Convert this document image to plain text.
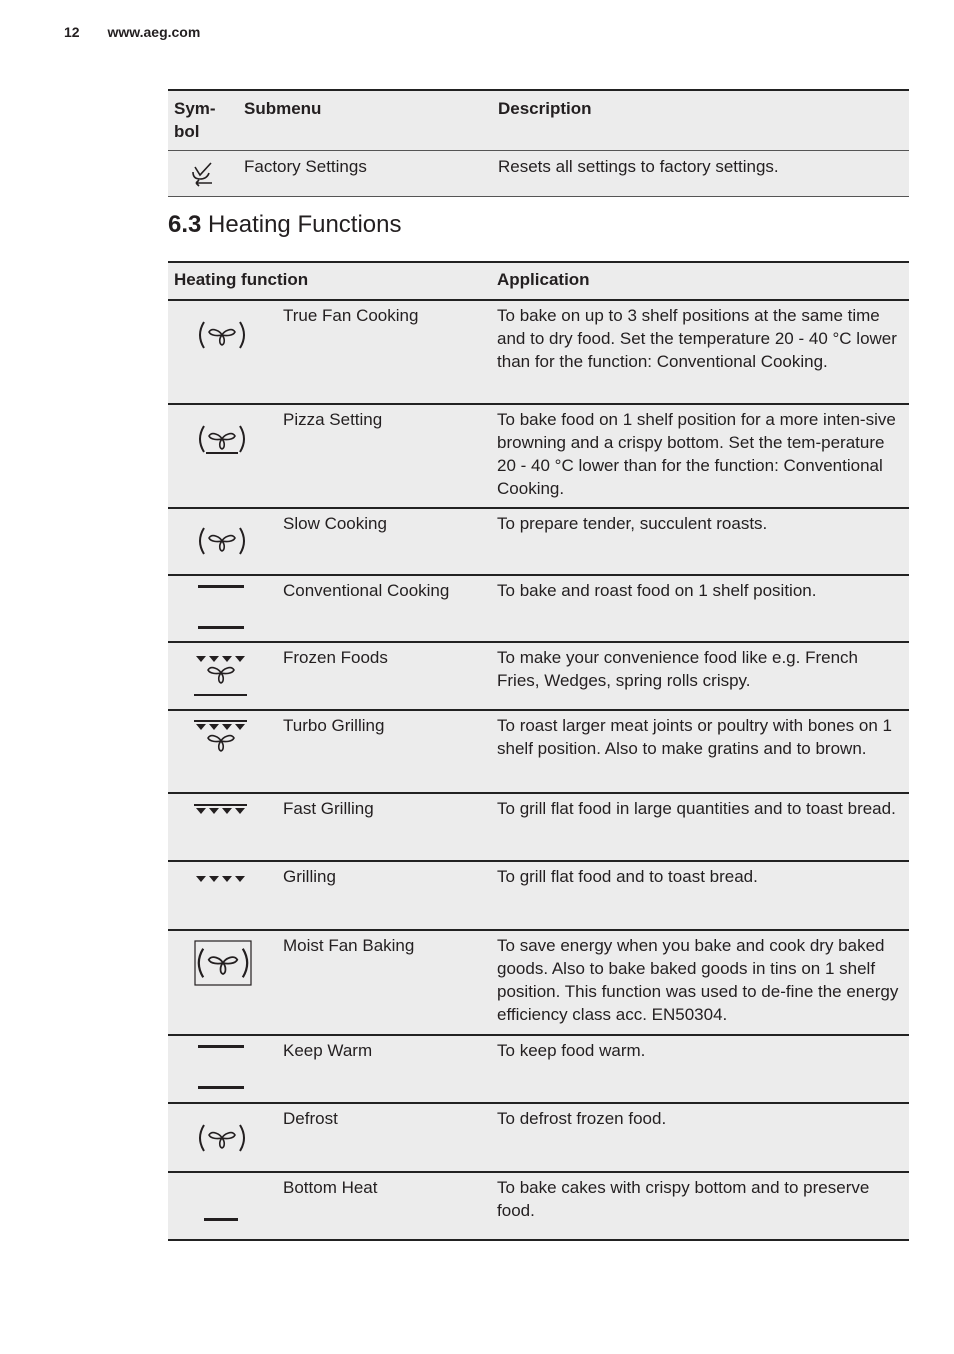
12 www.aeg.com
Sym-
bol	Submenu	Description

	Factory Settings	Resets all settings to factory settings.
6.3 Heating Functions
Heating function		Application

	True Fan Cooking	To bake on up to 3 shelf positions at the same time and to dry food. Set the temperature 20 - 40 °C lower than for the function: Conventional Cooking.

	Pizza Setting	To bake food on 1 shelf position for a more inten-sive browning and a crispy bottom. Set the tem-perature 20 - 40 °C lower than for the function: Conventional Cooking.

	Slow Cooking	To prepare tender, succulent roasts.

	Conventional Cooking	To bake and roast food on 1 shelf position.

	Frozen Foods	To make your convenience food like e.g. French Fries, Wedges, spring rolls crispy.

	Turbo Grilling	To roast larger meat joints or poultry with bones on 1 shelf position. Also to make gratins and to brown.

	Fast Grilling	To grill flat food in large quantities and to toast bread.

	Grilling	To grill flat food and to toast bread.

	Moist Fan Baking	To save energy when you bake and cook dry baked goods. Also to bake baked goods in tins on 1 shelf position. This function was used to de-fine the energy efficiency class acc. EN50304.

	Keep Warm	To keep food warm.

	Defrost	To defrost frozen food.

	Bottom Heat	To bake cakes with crispy bottom and to preserve food.
